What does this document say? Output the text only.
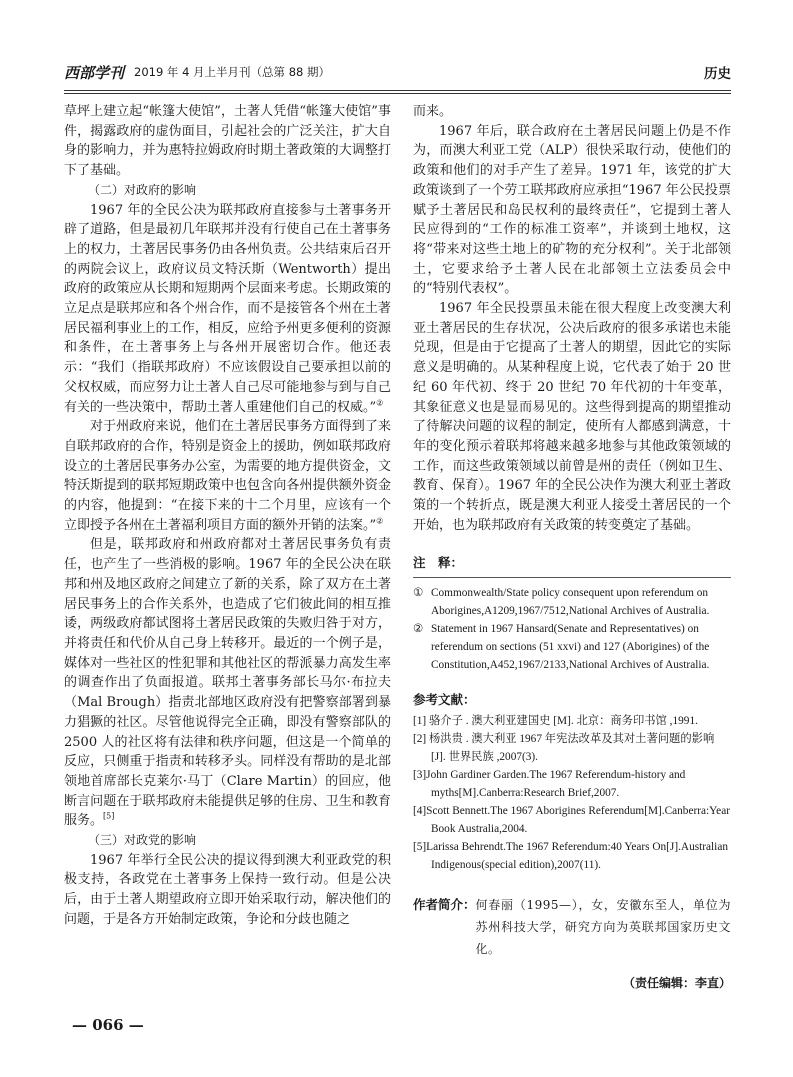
西部学刊 2019 年 4 月上半月刊（总第 88 期）	历史

草坪上建立起“帐篷大使馆”，土著人凭借“帐篷大使馆”事件，揭露政府的虚伪面目，引起社会的广泛关注，扩大自身的影响力，并为惠特拉姆政府时期土著政策的大调整打下了基础。

（二）对政府的影响

1967 年的全民公决为联邦政府直接参与土著事务开辟了道路，但是最初几年联邦并没有行使自己在土著事务上的权力，土著居民事务仍由各州负责。公共结束后召开的两院会议上，政府议员文特沃斯（Wentworth）提出政府的政策应从长期和短期两个层面来考虑。长期政策的立足点是联邦应和各个州合作，而不是接管各个州在土著居民福利事业上的工作，相反，应给予州更多便利的资源和条件，在土著事务上与各州开展密切合作。他还表示：“我们（指联邦政府）不应该假设自己要承担以前的父权权威，而应努力让土著人自己尽可能地参与到与自己有关的一些决策中，帮助土著人重建他们自己的权威。”②

对于州政府来说，他们在土著居民事务方面得到了来自联邦政府的合作，特别是资金上的援助，例如联邦政府设立的土著居民事务办公室，为需要的地方提供资金，文特沃斯提到的联邦短期政策中也包含向各州提供额外资金的内容，他提到：“在接下来的十二个月里，应该有一个立即授予各州在土著福利项目方面的额外开销的法案。”②

但是，联邦政府和州政府都对土著居民事务负有责任，也产生了一些消极的影响。1967 年的全民公决在联邦和州及地区政府之间建立了新的关系，除了双方在土著居民事务上的合作关系外，也造成了它们彼此间的相互推诿，两级政府都试图将土著居民政策的失败归咎于对方，并将责任和代价从自己身上转移开。最近的一个例子是，媒体对一些社区的性犯罪和其他社区的帮派暴力高发生率的调查作出了负面报道。联邦土著事务部长马尔·布拉夫（Mal Brough）指责北部地区政府没有把警察部署到暴力猖獗的社区。尽管他说得完全正确，即没有警察部队的 2500 人的社区将有法律和秩序问题，但这是一个简单的反应，只侧重于指责和转移矛头。同样没有帮助的是北部领地首席部长克莱尔·马丁（Clare Martin）的回应，他断言问题在于联邦政府未能提供足够的住房、卫生和教育服务。[5]

（三）对政党的影响

1967 年举行全民公决的提议得到澳大利亚政党的积极支持，各政党在土著事务上保持一致行动。但是公决后，由于土著人期望政府立即开始采取行动，解决他们的问题，于是各方开始制定政策，争论和分歧也随之

而来。

1967 年后，联合政府在土著居民问题上仍是不作为，而澳大利亚工党（ALP）很快采取行动，使他们的政策和他们的对手产生了差异。1971 年，该党的扩大政策谈到了一个劳工联邦政府应承担“1967 年公民投票赋予土著居民和岛民权利的最终责任”，它提到土著人民应得到的“工作的标准工资率”，并谈到土地权，这将“带来对这些土地上的矿物的充分权利”。关于北部领土，它要求给予土著人民在北部领土立法委员会中的“特别代表权”。

1967 年全民投票虽未能在很大程度上改变澳大利亚土著居民的生存状况，公决后政府的很多承诺也未能兑现，但是由于它提高了土著人的期望，因此它的实际意义是明确的。从某种程度上说，它代表了始于 20 世纪 60 年代初、终于 20 世纪 70 年代初的十年变革，其象征意义也是显而易见的。这些得到提高的期望推动了待解决问题的议程的制定，使所有人都感到满意，十年的变化预示着联邦将越来越多地参与其他政策领域的工作，而这些政策领域以前曾是州的责任（例如卫生、教育、保育）。1967 年的全民公决作为澳大利亚土著政策的一个转折点，既是澳大利亚人接受土著居民的一个开始，也为联邦政府有关政策的转变奠定了基础。

注　释：

① Commonwealth/State policy consequent upon referendum on Aborigines,A1209,1967/7512,National Archives of Australia.
② Statement in 1967 Hansard(Senate and Representatives) on referendum on sections (51 xxvi) and 127 (Aborigines) of the Constitution,A452,1967/2133,National Archives of Australia.

参考文献：

[1] 骆介子 . 澳大利亚建国史 [M]. 北京：商务印书馆 ,1991.
[2] 杨洪贵 . 澳大利亚 1967 年宪法改革及其对土著问题的影响 [J]. 世界民族 ,2007(3).
[3]John Gardiner Garden.The 1967 Referendum-history and myths[M].Canberra:Research Brief,2007.
[4]Scott Bennett.The 1967 Aborigines Referendum[M].Canberra:Year Book Australia,2004.
[5]Larissa Behrendt.The 1967 Referendum:40 Years On[J].Australian Indigenous(special edition),2007(11).
作者简介： 何春丽（1995—），女，安徽东至人，单位为苏州科技大学，研究方向为英联邦国家历史文化。
（责任编辑：李直）
— 066 —
